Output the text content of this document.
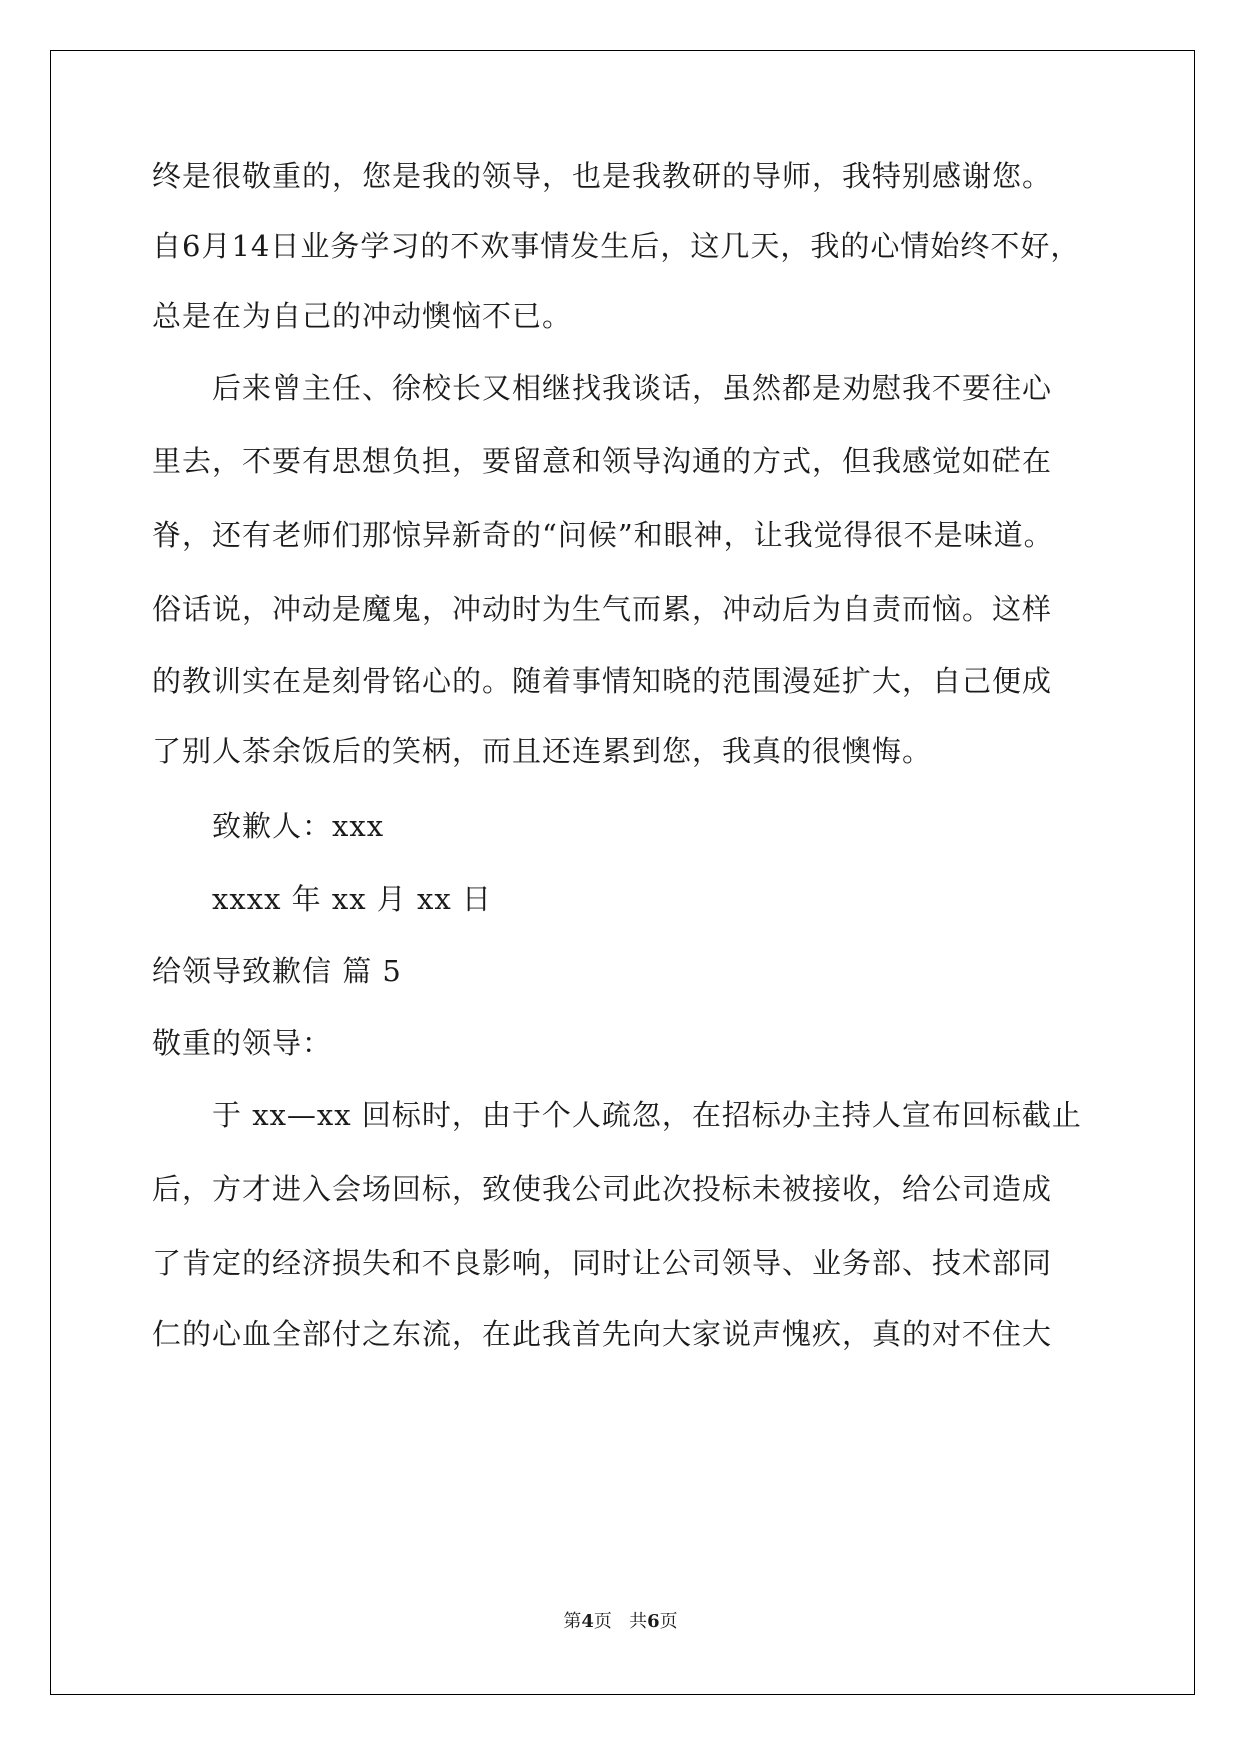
终是很敬重的，您是我的领导，也是我教研的导师，我特别感谢您。
自6月14日业务学习的不欢事情发生后，这几天，我的心情始终不好，
总是在为自己的冲动懊恼不已。
后来曾主任、徐校长又相继找我谈话，虽然都是劝慰我不要往心
里去，不要有思想负担，要留意和领导沟通的方式，但我感觉如硭在
脊，还有老师们那惊异新奇的“问候”和眼神，让我觉得很不是味道。
俗话说，冲动是魔鬼，冲动时为生气而累，冲动后为自责而恼。这样
的教训实在是刻骨铭心的。随着事情知晓的范围漫延扩大，自己便成
了别人茶余饭后的笑柄，而且还连累到您，我真的很懊悔。
致歉人：xxx
xxxx 年 xx 月 xx 日
给领导致歉信 篇 5
敬重的领导：
于 xx—xx 回标时，由于个人疏忽，在招标办主持人宣布回标截止
后，方才进入会场回标，致使我公司此次投标未被接收，给公司造成
了肯定的经济损失和不良影响，同时让公司领导、业务部、技术部同
仁的心血全部付之东流，在此我首先向大家说声愧疚，真的对不住大
第4页   共6页
